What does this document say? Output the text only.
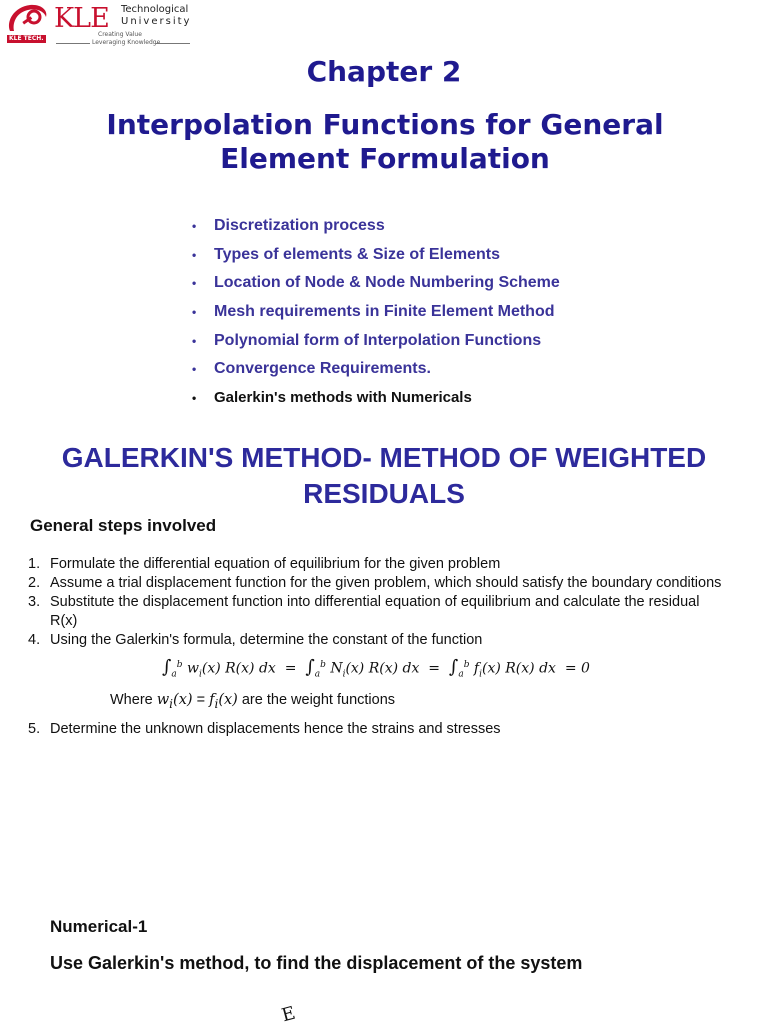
KLE TECH.
KLE Technological
University
Creating Value
Leveraging Knowledge
Chapter 2
Interpolation Functions for General Element Formulation
• Discretization process
• Types of elements & Size of Elements
• Location of Node & Node Numbering Scheme
• Mesh requirements in Finite Element Method
• Polynomial form of Interpolation Functions
• Convergence Requirements.
• Galerkin's methods with Numericals
GALERKIN'S METHOD- METHOD OF WEIGHTED RESIDUALS
General steps involved
1. Formulate the differential equation of equilibrium for the given problem
2. Assume a trial displacement function for the given problem, which should satisfy the boundary conditions
3. Substitute the displacement function into differential equation of equilibrium and calculate the residual R(x)
4. Using the Galerkin's formula, determine the constant of the function
$\int_a^b$ $w_i(x)$ R(x) dx  =  $\int_a^b$ $N_i(x)$ R(x) dx  =  $\int_a^b$ $f_i(x)$ R(x) dx = 0
Where $w_i(x) = f_i(x)$ are the weight functions
5. Determine the unknown displacements hence the strains and stresses
Numerical-1
Use Galerkin's method, to find the displacement of the system
E
